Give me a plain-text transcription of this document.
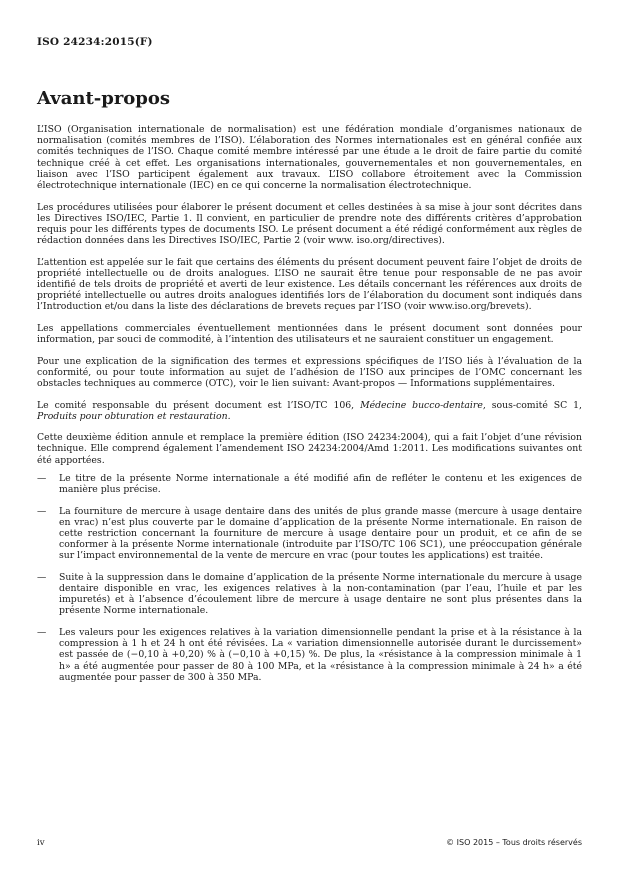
ISO 24234:2015(F)
Avant-propos

L’ISO (Organisation internationale de normalisation) est une fédération mondiale d’organismes nationaux de normalisation (comités membres de l’ISO). L’élaboration des Normes internationales est en général confiée aux comités techniques de l’ISO. Chaque comité membre intéressé par une étude a le droit de faire partie du comité technique créé à cet effet. Les organisations internationales, gouvernementales et non gouvernementales, en liaison avec l’ISO participent également aux travaux. L’ISO collabore étroitement avec la Commission électrotechnique internationale (IEC) en ce qui concerne la normalisation électrotechnique.

Les procédures utilisées pour élaborer le présent document et celles destinées à sa mise à jour sont décrites dans les Directives ISO/IEC, Partie 1. Il convient, en particulier de prendre note des différents critères d’approbation requis pour les différents types de documents ISO. Le présent document a été rédigé conformément aux règles de rédaction données dans les Directives ISO/IEC, Partie 2 (voir www. iso.org/directives).

L’attention est appelée sur le fait que certains des éléments du présent document peuvent faire l’objet de droits de propriété intellectuelle ou de droits analogues. L’ISO ne saurait être tenue pour responsable de ne pas avoir identifié de tels droits de propriété et averti de leur existence. Les détails concernant les références aux droits de propriété intellectuelle ou autres droits analogues identifiés lors de l’élaboration du document sont indiqués dans l’Introduction et/ou dans la liste des déclarations de brevets reçues par l’ISO (voir www.iso.org/brevets).

Les appellations commerciales éventuellement mentionnées dans le présent document sont données pour information, par souci de commodité, à l’intention des utilisateurs et ne sauraient constituer un engagement.

Pour une explication de la signification des termes et expressions spécifiques de l’ISO liés à l’évaluation de la conformité, ou pour toute information au sujet de l’adhésion de l’ISO aux principes de l’OMC concernant les obstacles techniques au commerce (OTC), voir le lien suivant: Avant-propos — Informations supplémentaires.

Le comité responsable du présent document est l’ISO/TC 106, Médecine bucco-dentaire, sous-comité SC 1, Produits pour obturation et restauration.

Cette deuxième édition annule et remplace la première édition (ISO 24234:2004), qui a fait l’objet d’une révision technique. Elle comprend également l’amendement ISO 24234:2004/Amd 1:2011. Les modifications suivantes ont été apportées.

— Le titre de la présente Norme internationale a été modifié afin de refléter le contenu et les exigences de manière plus précise.
— La fourniture de mercure à usage dentaire dans des unités de plus grande masse (mercure à usage dentaire en vrac) n’est plus couverte par le domaine d’application de la présente Norme internationale. En raison de cette restriction concernant la fourniture de mercure à usage dentaire pour un produit, et ce afin de se conformer à la présente Norme internationale (introduite par l’ISO/TC 106 SC1), une préoccupation générale sur l’impact environnemental de la vente de mercure en vrac (pour toutes les applications) est traitée.
— Suite à la suppression dans le domaine d’application de la présente Norme internationale du mercure à usage dentaire disponible en vrac, les exigences relatives à la non-contamination (par l’eau, l’huile et par les impuretés) et à l’absence d’écoulement libre de mercure à usage dentaire ne sont plus présentes dans la présente Norme internationale.
— Les valeurs pour les exigences relatives à la variation dimensionnelle pendant la prise et à la résistance à la compression à 1 h et 24 h ont été révisées. La « variation dimensionnelle autorisée durant le durcissement» est passée de (−0,10 à +0,20) % à (−0,10 à +0,15) %. De plus, la «résistance à la compression minimale à 1 h» a été augmentée pour passer de 80 à 100 MPa, et la «résistance à la compression minimale à 24 h» a été augmentée pour passer de 300 à 350 MPa.
iv	© ISO 2015 – Tous droits réservés
